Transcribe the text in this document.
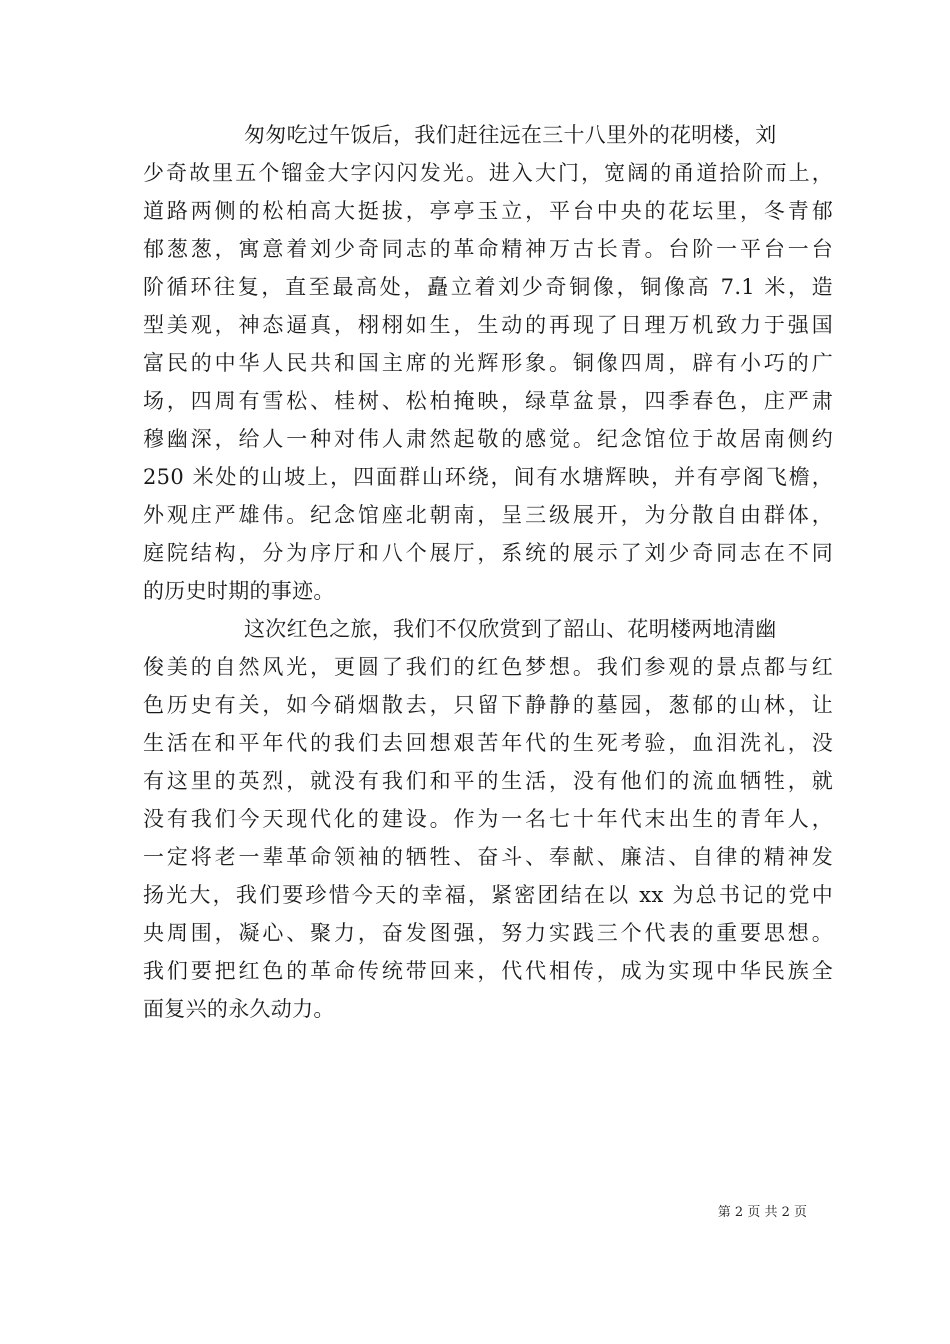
匆匆吃过午饭后，我们赶往远在三十八里外的花明楼，刘
少奇故里五个镏金大字闪闪发光。进入大门，宽阔的甬道拾阶而上，
道路两侧的松柏高大挺拔，亭亭玉立，平台中央的花坛里，冬青郁
郁葱葱，寓意着刘少奇同志的革命精神万古长青。台阶一平台一台
阶循环往复，直至最高处，矗立着刘少奇铜像，铜像高 7.1 米，造
型美观，神态逼真，栩栩如生，生动的再现了日理万机致力于强国
富民的中华人民共和国主席的光辉形象。铜像四周，辟有小巧的广
场，四周有雪松、桂树、松柏掩映，绿草盆景，四季春色，庄严肃
穆幽深，给人一种对伟人肃然起敬的感觉。纪念馆位于故居南侧约
250 米处的山坡上，四面群山环绕，间有水塘辉映，并有亭阁飞檐，
外观庄严雄伟。纪念馆座北朝南，呈三级展开，为分散自由群体，
庭院结构，分为序厅和八个展厅，系统的展示了刘少奇同志在不同
的历史时期的事迹。
这次红色之旅，我们不仅欣赏到了韶山、花明楼两地清幽
俊美的自然风光，更圆了我们的红色梦想。我们参观的景点都与红
色历史有关，如今硝烟散去，只留下静静的墓园，葱郁的山林，让
生活在和平年代的我们去回想艰苦年代的生死考验，血泪洗礼，没
有这里的英烈，就没有我们和平的生活，没有他们的流血牺牲，就
没有我们今天现代化的建设。作为一名七十年代末出生的青年人，
一定将老一辈革命领袖的牺牲、奋斗、奉献、廉洁、自律的精神发
扬光大，我们要珍惜今天的幸福，紧密团结在以 xx 为总书记的党中
央周围，凝心、聚力，奋发图强，努力实践三个代表的重要思想。
我们要把红色的革命传统带回来，代代相传，成为实现中华民族全
面复兴的永久动力。
第 2 页 共 2 页
